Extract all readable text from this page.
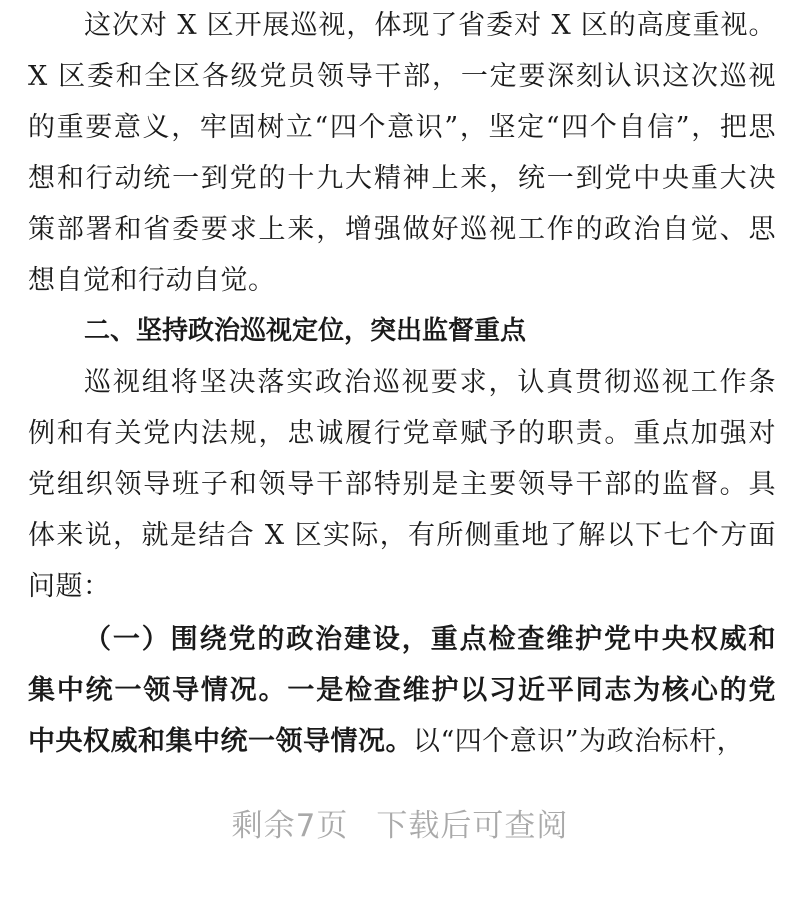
这次对 X 区开展巡视，体现了省委对 X 区的高度重视。
X 区委和全区各级党员领导干部，一定要深刻认识这次巡视
的重要意义，牢固树立“四个意识”，坚定“四个自信”，把思
想和行动统一到党的十九大精神上来，统一到党中央重大决
策部署和省委要求上来，增强做好巡视工作的政治自觉、思
想自觉和行动自觉。
二、坚持政治巡视定位，突出监督重点
巡视组将坚决落实政治巡视要求，认真贯彻巡视工作条
例和有关党内法规，忠诚履行党章赋予的职责。重点加强对
党组织领导班子和领导干部特别是主要领导干部的监督。具
体来说，就是结合 X 区实际，有所侧重地了解以下七个方面
问题：
（一）围绕党的政治建设，重点检查维护党中央权威和
集中统一领导情况。一是检查维护以习近平同志为核心的党
中央权威和集中统一领导情况。以“四个意识”为政治标杆，
剩余7页 下载后可查阅
